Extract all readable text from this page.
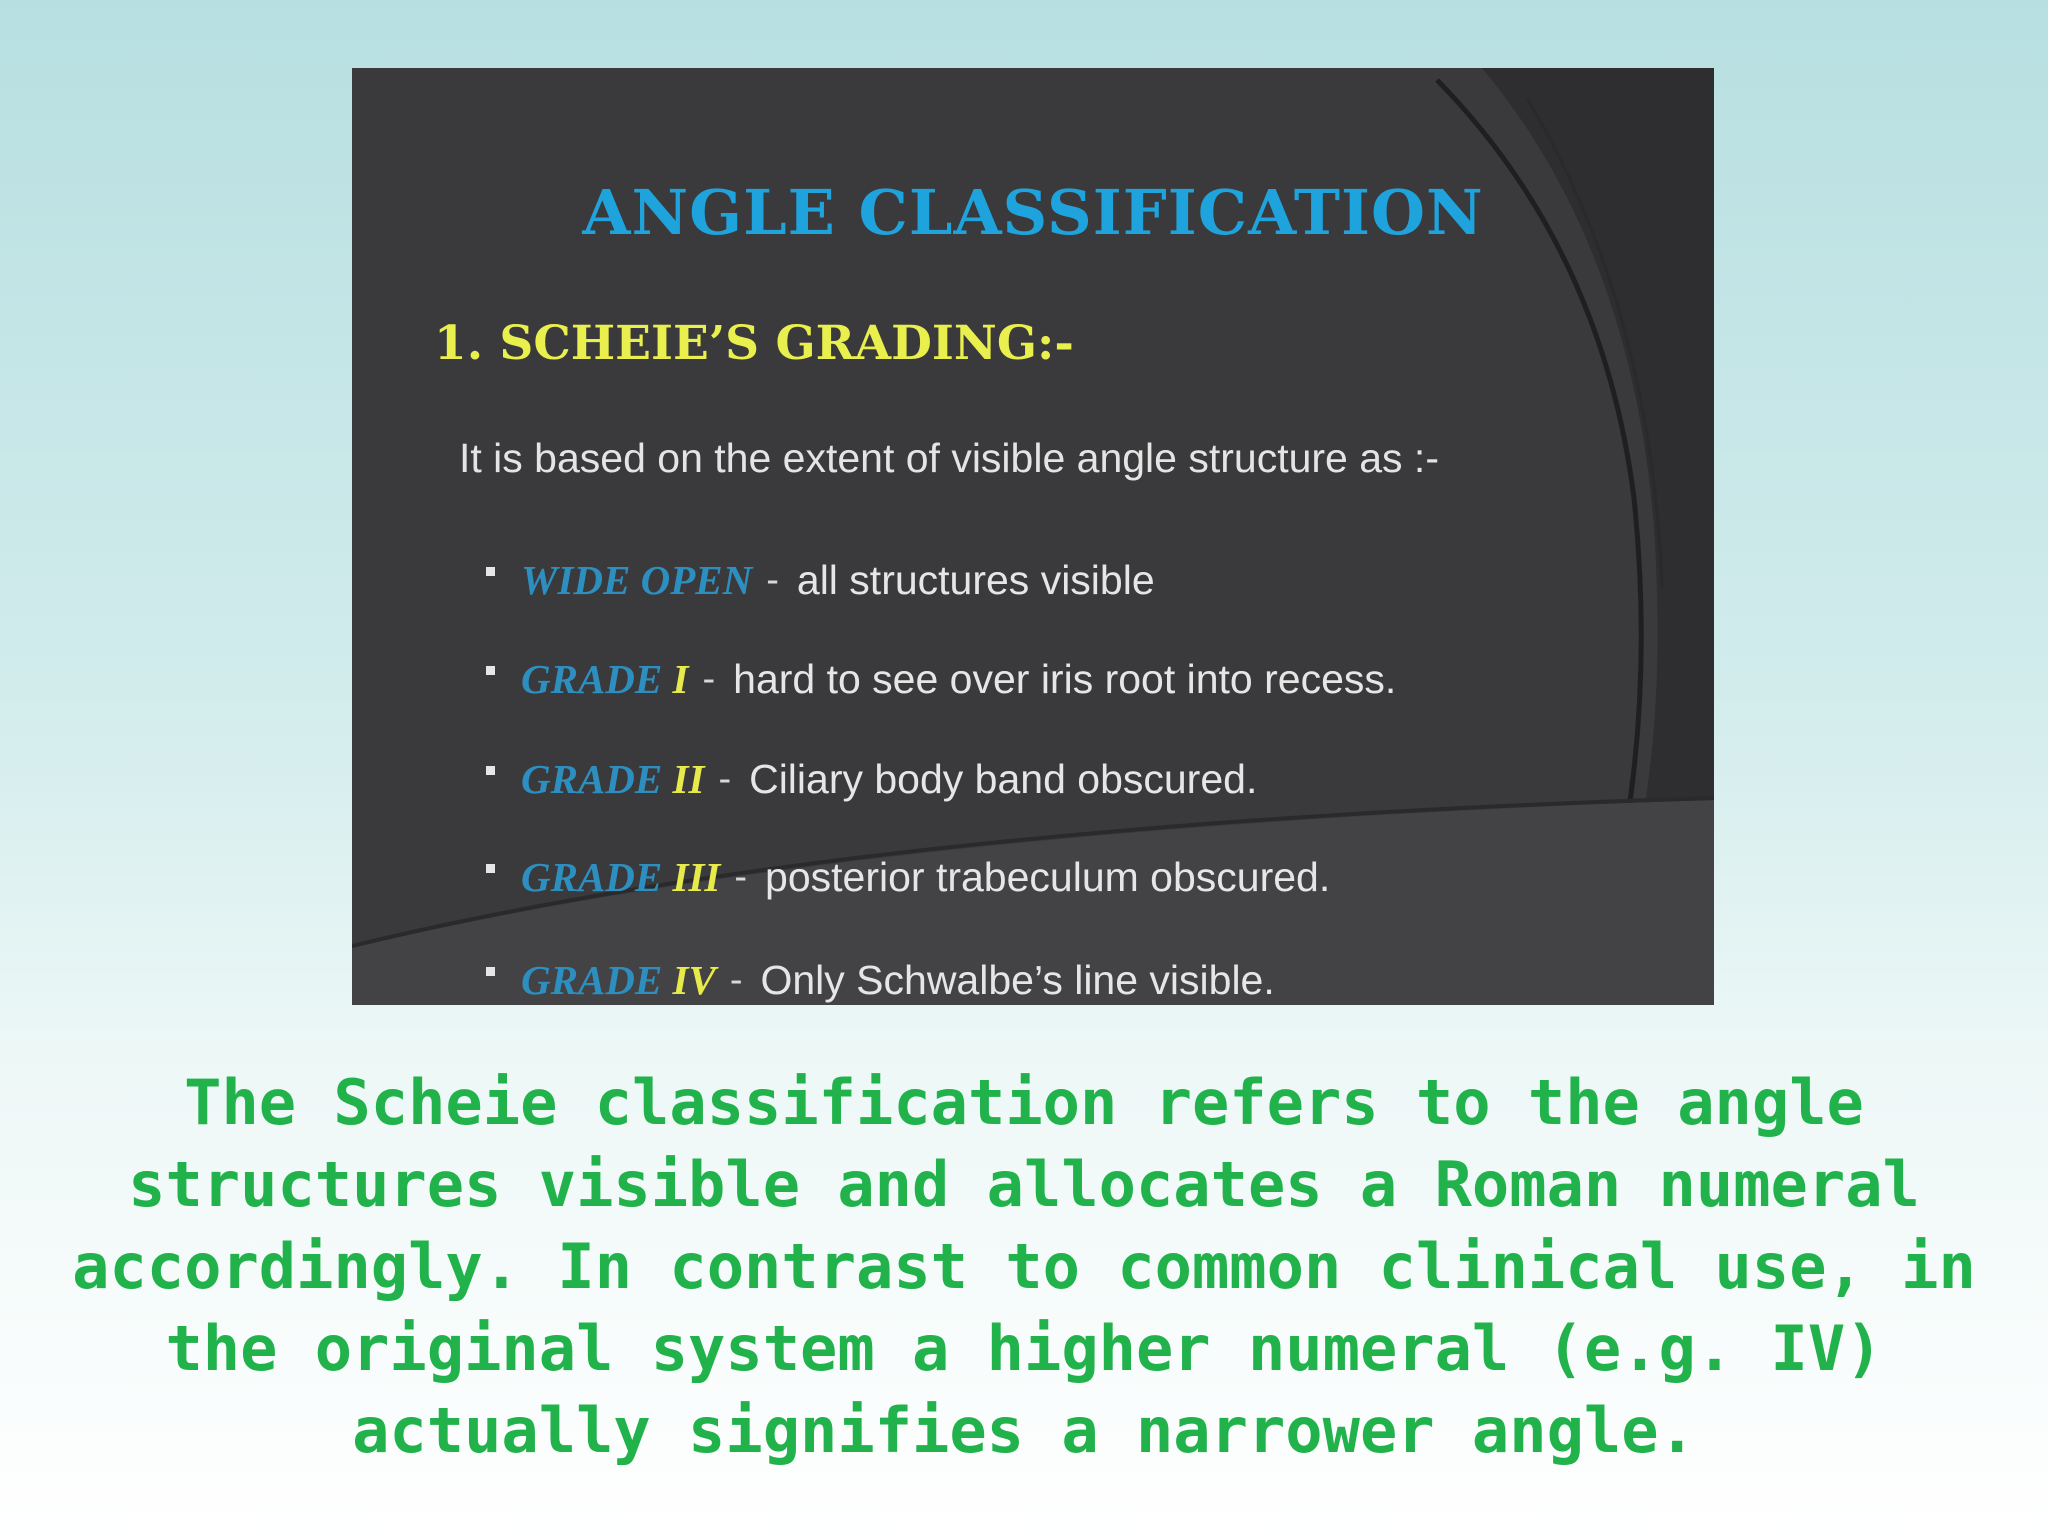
ANGLE CLASSIFICATION
1. SCHEIE’S GRADING:-
It is based on the extent of visible angle structure as :-
WIDE OPEN - all structures visible
GRADE I - hard to see over iris root into recess.
GRADE II - Ciliary body band obscured.
GRADE III - posterior trabeculum obscured.
GRADE IV - Only Schwalbe’s line visible.
The Scheie classification refers to the angle structures visible and allocates a Roman numeral accordingly. In contrast to common clinical use, in the original system a higher numeral (e.g. IV) actually signifies a narrower angle.
